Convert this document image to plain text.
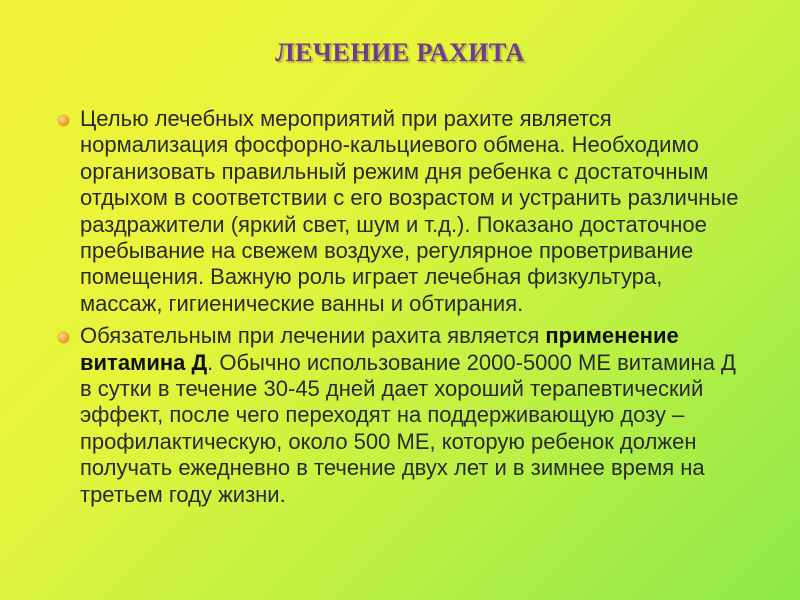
ЛЕЧЕНИЕ РАХИТА
Целью лечебных мероприятий при рахите является нормализация фосфорно-кальциевого обмена. Необходимо организовать правильный режим дня ребенка с достаточным отдыхом в соответствии с его возрастом и устранить различные раздражители (яркий свет, шум и т.д.). Показано достаточное пребывание на свежем воздухе, регулярное проветривание помещения. Важную роль играет лечебная физкультура, массаж, гигиенические ванны и обтирания.
Обязательным при лечении рахита является применение витамина Д. Обычно использование 2000-5000 МЕ витамина Д в сутки в течение 30-45 дней дает хороший терапевтический эффект, после чего переходят на поддерживающую дозу – профилактическую, около 500 МЕ, которую ребенок должен получать ежедневно в течение двух лет и в зимнее время на третьем году жизни.
